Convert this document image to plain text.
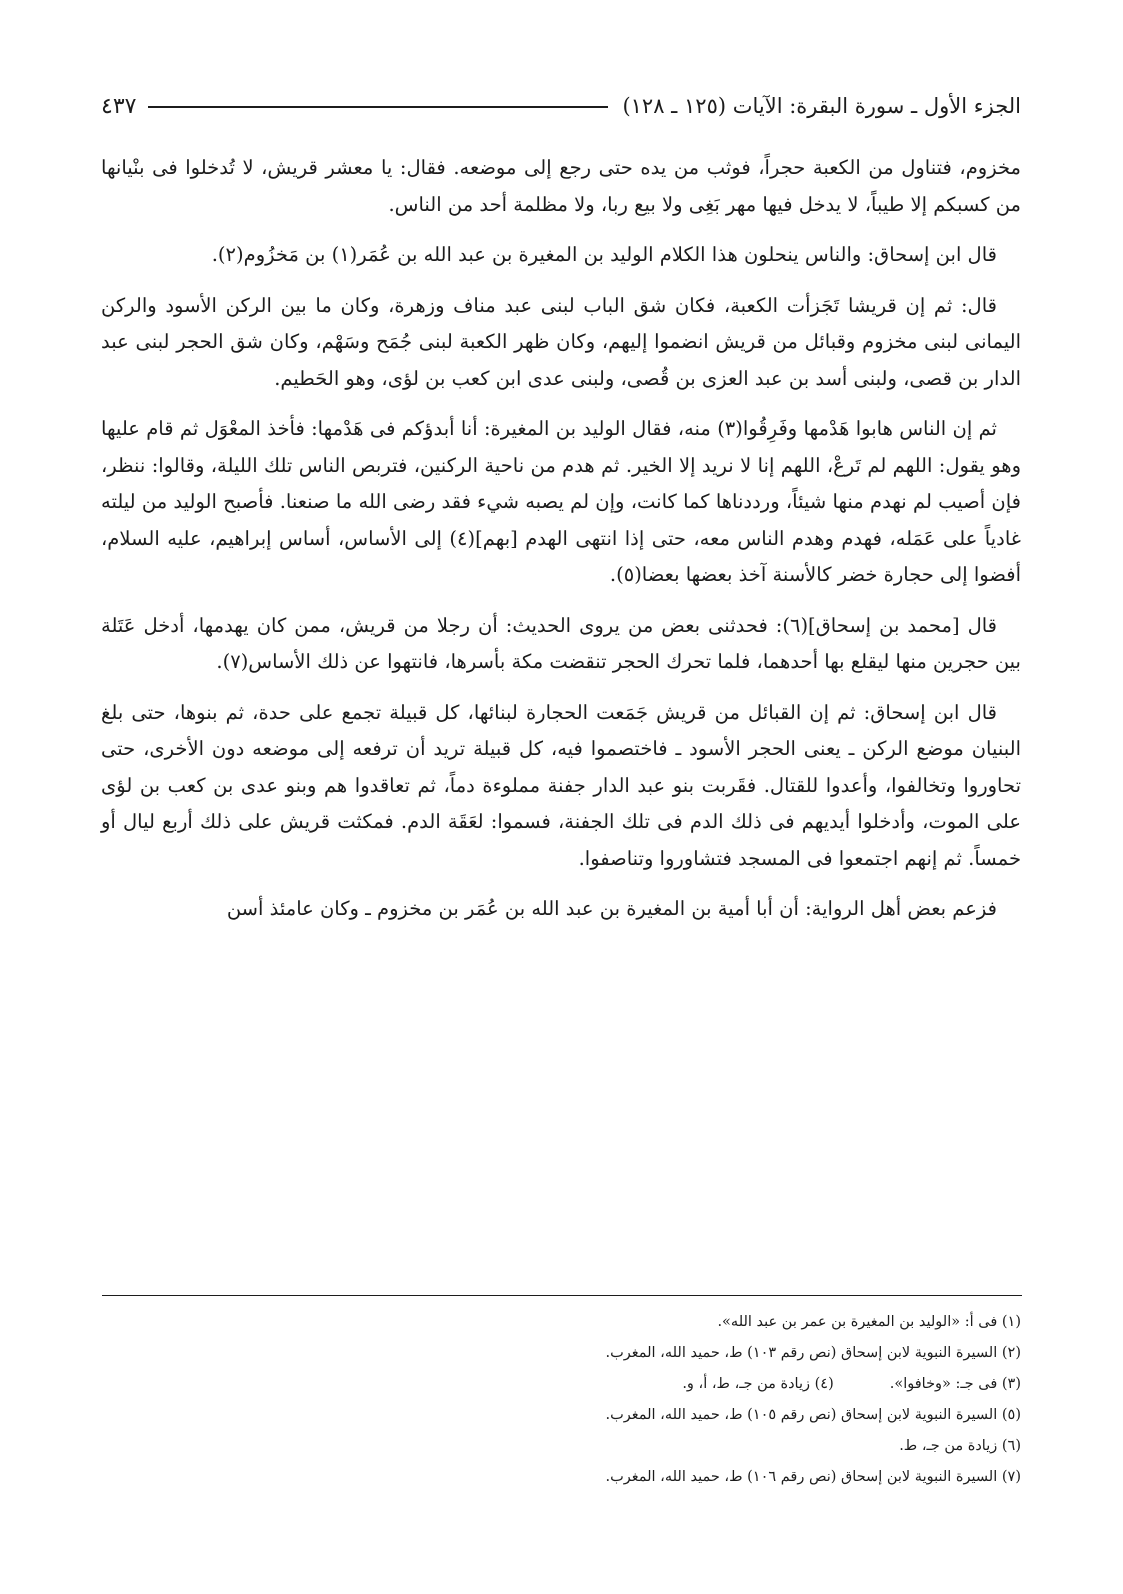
الجزء الأول ـ سورة البقرة: الآيات (١٢٥ ـ ١٢٨)
٤٣٧

مخزوم، فتناول من الكعبة حجراً، فوثب من يده حتى رجع إلى موضعه. فقال: يا معشر قريش، لا تُدخلوا فى بنْيانها من كسبكم إلا طيباً، لا يدخل فيها مهر بَغِى ولا بيع ربا، ولا مظلمة أحد من الناس.

قال ابن إسحاق: والناس ينحلون هذا الكلام الوليد بن المغيرة بن عبد الله بن عُمَر(١) بن مَخزُوم(٢).

قال: ثم إن قريشا تَجَزأت الكعبة، فكان شق الباب لبنى عبد مناف وزهرة، وكان ما بين الركن الأسود والركن اليمانى لبنى مخزوم وقبائل من قريش انضموا إليهم، وكان ظهر الكعبة لبنى جُمَح وسَهْم، وكان شق الحجر لبنى عبد الدار بن قصى، ولبنى أسد بن عبد العزى بن قُصى، ولبنى عدى ابن كعب بن لؤى، وهو الحَطيم.

ثم إن الناس هابوا هَدْمها وفَرِقُوا(٣) منه، فقال الوليد بن المغيرة: أنا أبدؤكم فى هَدْمها: فأخذ المعْوَل ثم قام عليها وهو يقول: اللهم لم تَرعْ، اللهم إنا لا نريد إلا الخير. ثم هدم من ناحية الركنين، فتربص الناس تلك الليلة، وقالوا: ننظر، فإن أصيب لم نهدم منها شيئاً، ورددناها كما كانت، وإن لم يصبه شيء فقد رضى الله ما صنعنا. فأصبح الوليد من ليلته غادياً على عَمَله، فهدم وهدم الناس معه، حتى إذا انتهى الهدم [بهم](٤) إلى الأساس، أساس إبراهيم، عليه السلام، أفضوا إلى حجارة خضر كالأسنة آخذ بعضها بعضا(٥).

قال [محمد بن إسحاق](٦): فحدثنى بعض من يروى الحديث: أن رجلا من قريش، ممن كان يهدمها، أدخل عَتَلة بين حجرين منها ليقلع بها أحدهما، فلما تحرك الحجر تنقضت مكة بأسرها، فانتهوا عن ذلك الأساس(٧).

قال ابن إسحاق: ثم إن القبائل من قريش جَمَعت الحجارة لبنائها، كل قبيلة تجمع على حدة، ثم بنوها، حتى بلغ البنيان موضع الركن ـ يعنى الحجر الأسود ـ فاختصموا فيه، كل قبيلة تريد أن ترفعه إلى موضعه دون الأخرى، حتى تحاوروا وتخالفوا، وأعدوا للقتال. فقَربت بنو عبد الدار جفنة مملوءة دماً، ثم تعاقدوا هم وبنو عدى بن كعب بن لؤى على الموت، وأدخلوا أيديهم فى ذلك الدم فى تلك الجفنة، فسموا: لعَقَة الدم. فمكثت قريش على ذلك أربع ليال أو خمساً. ثم إنهم اجتمعوا فى المسجد فتشاوروا وتناصفوا.

فزعم بعض أهل الرواية: أن أبا أمية بن المغيرة بن عبد الله بن عُمَر بن مخزوم ـ وكان عامئذ أسن

(١) فى أ: «الوليد بن المغيرة بن عمر بن عبد الله».
(٢) السيرة النبوية لابن إسحاق (نص رقم ١٠٣) ط، حميد الله، المغرب.
(٣) فى جـ: «وخافوا».(٤) زيادة من جـ، ط، أ، و.
(٥) السيرة النبوية لابن إسحاق (نص رقم ١٠٥) ط، حميد الله، المغرب.
(٦) زيادة من جـ، ط.
(٧) السيرة النبوية لابن إسحاق (نص رقم ١٠٦) ط، حميد الله، المغرب.
